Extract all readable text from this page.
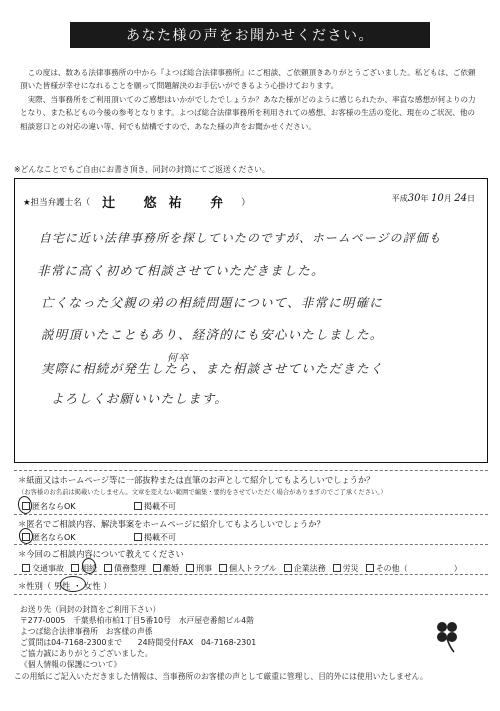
あなた様の声をお聞かせください。

この度は、数ある法律事務所の中から『よつば総合法律事務所』にご相談、ご依頼頂きありがとうございました。私どもは、ご依頼頂いた皆様が幸せになれることを願って問題解決のお手伝いができるよう心掛けております。

実際、当事務所をご利用頂いてのご感想はいかがでしたでしょうか？あなた様がどのように感じられたか、率直な感想が何よりの力となり、また私どもの今後の参考となります。よつば総合法律事務所を利用されての感想、お客様の生活の変化、現在のご状況、他の相談窓口との対応の違い等、何でも結構ですので、あなた様の声をお聞かせください。

※どんなことでもご自由にお書き頂き、同封の封筒にてご返送ください。
★担当弁護士名（ 辻 悠祐 弁 ）	平成30年 10月 24日
自宅に近い法律事務所を探していたのですが、ホームページの評価も
非常に高く初めて相談させていただきました。
亡くなった父親の弟の相続問題について、非常に明確に
説明頂いたこともあり、経済的にも安心いたしました。
実際に相続が発生したら、また相談させていただきたく
何卒
よろしくお願いいたします。
＊紙面又はホームページ等に一部抜粋または直筆のお声として紹介してもよろしいでしょうか？
（お客様のお名前は掲載いたしません。文章を変えない範囲で編集・要約をさせていただく場合がありますのでご了承ください。）
匿名ならOK	掲載不可
＊匿名でご相談内容、解決事案をホームページに紹介してもよろしいでしょうか？
匿名ならOK	掲載不可
＊今回のご相談内容について教えてください
交通事故	相続	債務整理	離婚	刑事	個人トラブル	企業法務	労災	その他（	）
＊性別（ 男性 ・ 女性 ）
お送り先（同封の封筒をご利用下さい）
〒277-0005　千葉県柏市柏1丁目5番10号　水戸屋壱番館ビル4階
よつば総合法律事務所　お客様の声係
ご質問は04-7168-2300まで　　24時間受付FAX　04-7168-2301
ご協力誠にありがとうございました。
《個人情報の保護について》
この用紙にご記入いただきました情報は、当事務所のお客様の声として厳重に管理し、目的外には使用いたしません。
